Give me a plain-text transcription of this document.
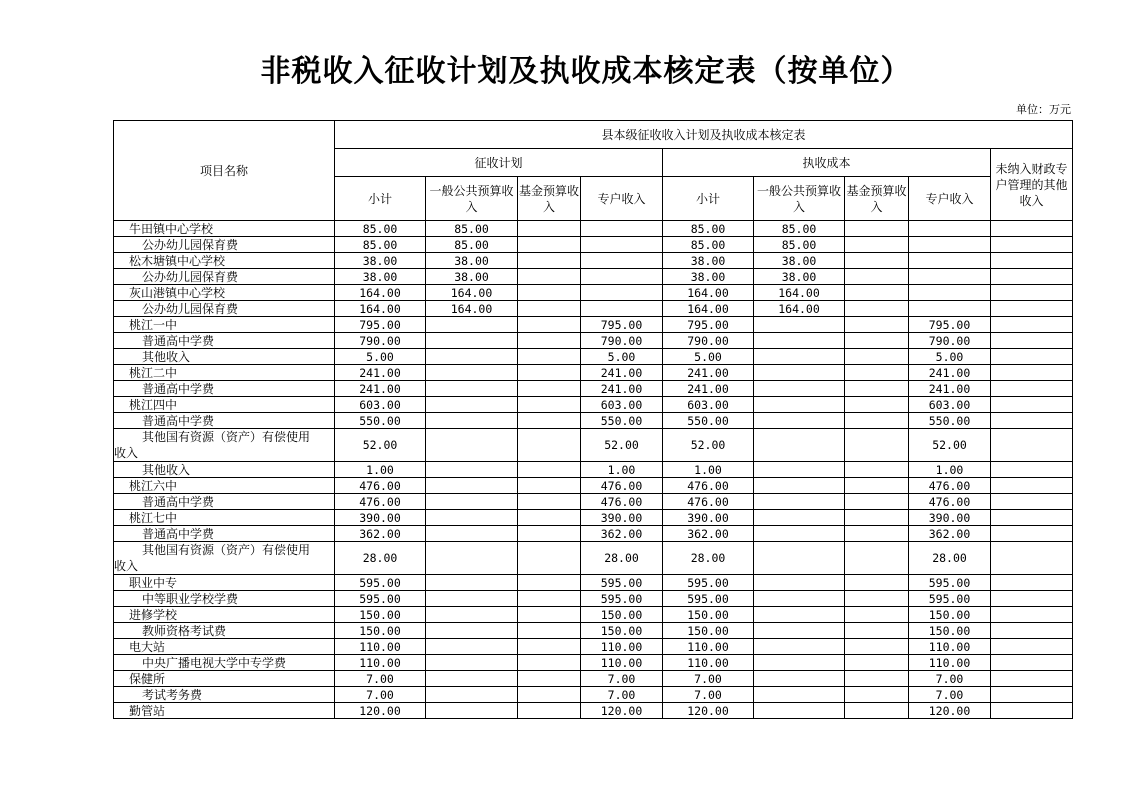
非税收入征收计划及执收成本核定表（按单位）
单位：万元
项目名称	县本级征收收入计划及执收成本核定表								
	征收计划				执收成本				未纳入财政专户管理的其他收入
	小计	一般公共预算收入	基金预算收入	专户收入	小计	一般公共预算收入	基金预算收入	专户收入	
牛田镇中心学校	85.00	85.00			85.00	85.00			
公办幼儿园保育费	85.00	85.00			85.00	85.00			
松木塘镇中心学校	38.00	38.00			38.00	38.00			
公办幼儿园保育费	38.00	38.00			38.00	38.00			
灰山港镇中心学校	164.00	164.00			164.00	164.00			
公办幼儿园保育费	164.00	164.00			164.00	164.00			
桃江一中	795.00			795.00	795.00			795.00	
普通高中学费	790.00			790.00	790.00			790.00	
其他收入	5.00			5.00	5.00			5.00	
桃江二中	241.00			241.00	241.00			241.00	
普通高中学费	241.00			241.00	241.00			241.00	
桃江四中	603.00			603.00	603.00			603.00	
普通高中学费	550.00			550.00	550.00			550.00	

其他国有资源（资产）有偿使用
收入	52.00			52.00	52.00			52.00	
其他收入	1.00			1.00	1.00			1.00	
桃江六中	476.00			476.00	476.00			476.00	
普通高中学费	476.00			476.00	476.00			476.00	
桃江七中	390.00			390.00	390.00			390.00	
普通高中学费	362.00			362.00	362.00			362.00	

其他国有资源（资产）有偿使用
收入	28.00			28.00	28.00			28.00	
职业中专	595.00			595.00	595.00			595.00	
中等职业学校学费	595.00			595.00	595.00			595.00	
进修学校	150.00			150.00	150.00			150.00	
教师资格考试费	150.00			150.00	150.00			150.00	
电大站	110.00			110.00	110.00			110.00	
中央广播电视大学中专学费	110.00			110.00	110.00			110.00	
保健所	7.00			7.00	7.00			7.00	
考试考务费	7.00			7.00	7.00			7.00	
勤管站	120.00			120.00	120.00			120.00	
